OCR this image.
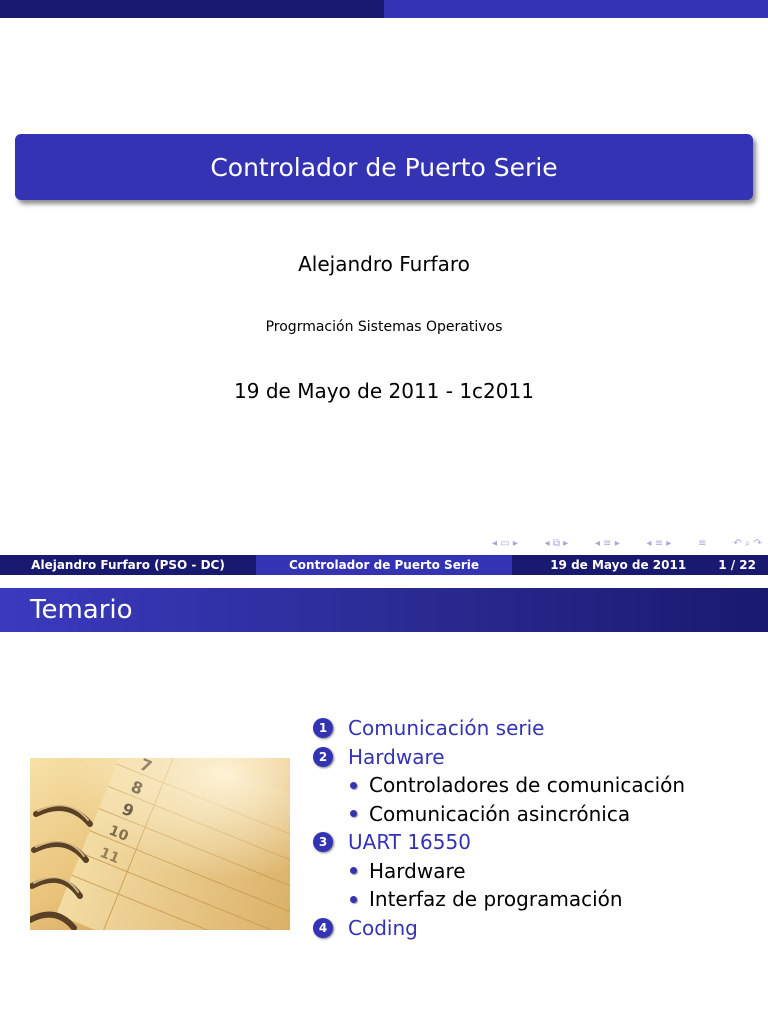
Controlador de Puerto Serie
Alejandro Furfaro
Progrmación Sistemas Operativos
19 de Mayo de 2011 - 1c2011
◂ ▭ ▸	◂ ⧉ ▸	◂ ≡ ▸	◂ ≡ ▸	≡	↶ ⌕ ↷
Alejandro Furfaro (PSO - DC)	Controlador de Puerto Serie	19 de Mayo de 2011	1 / 22
Temario
1 Comunicación serie
2 Hardware
Controladores de comunicación
Comunicación asincrónica
3 UART 16550
Hardware
Interfaz de programación
4 Coding
